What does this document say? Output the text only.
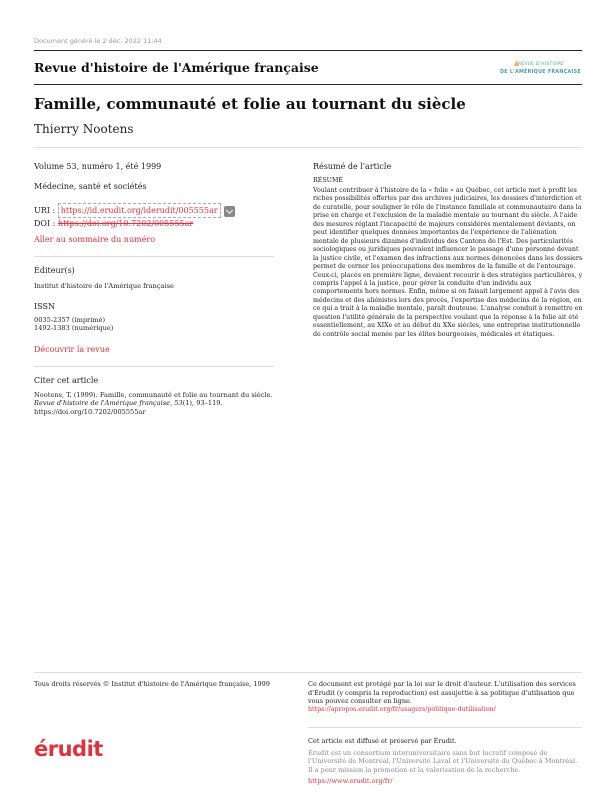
Document généré le 2 déc. 2022 11:44
Revue d'histoire de l'Amérique française	REVUE D'HISTOIRE
DE L'AMÉRIQUE FRANÇAISE
Famille, communauté et folie au tournant du siècle
Thierry Nootens
Volume 53, numéro 1, été 1999
Médecine, santé et sociétés
URI : https://id.erudit.org/iderudit/005555ar
DOI : https://doi.org/10.7202/005555ar
Aller au sommaire du numéro
Éditeur(s)
Institut d'histoire de l'Amérique française
ISSN
0035-2357 (imprimé)
1492-1383 (numérique)
Découvrir la revue
Citer cet article
Nootens, T. (1999). Famille, communauté et folie au tournant du siècle. Revue d'histoire de l'Amérique française, 53(1), 93–119.
https://doi.org/10.7202/005555ar
Résumé de l'article
RÉSUMÉ
Voulant contribuer à l'histoire de la « folie » au Québec, cet article met à profit les riches possibilités offertes par des archives judiciaires, les dossiers d'interdiction et de curatelle, pour souligner le rôle de l'instance familiale et communautaire dans la prise en charge et l'exclusion de la maladie mentale au tournant du siècle. À l'aide des mesures réglant l'incapacité de majeurs considérés mentalement déviants, on peut identifier quelques données importantes de l'expérience de l'aliénation mentale de plusieurs dizaines d'individus des Cantons de l'Est. Des particularités sociologiques ou juridiques pouvaient influencer le passage d'une personne devant la justice civile, et l'examen des infractions aux normes dénoncées dans les dossiers permet de cerner les préoccupations des membres de la famille et de l'entourage. Ceux-ci, placés en première ligne, devaient recourir à des stratégies particulières, y compris l'appel à la justice, pour gérer la conduite d'un individu aux comportements hors normes. Enfin, même si on faisait largement appel à l'avis des médecins et des aliénistes lors des procès, l'expertise des médecins de la région, en ce qui a trait à la maladie mentale, paraît douteuse. L'analyse conduit à remettre en question l'utilité générale de la perspective voulant que la réponse à la folie ait été essentiellement, au XIXe et au début du XXe siècles, une entreprise institutionnelle de contrôle social menée par les élites bourgeoises, médicales et étatiques.
Tous droits réservés © Institut d'histoire de l'Amérique française, 1999	Ce document est protégé par la loi sur le droit d'auteur. L'utilisation des services d'Érudit (y compris la reproduction) est assujettie à sa politique d'utilisation que vous pouvez consulter en ligne.
https://apropos.erudit.org/fr/usagers/politique-dutilisation/
érudit	Cet article est diffusé et préservé par Érudit.
Érudit est un consortium interuniversitaire sans but lucratif composé de l'Université de Montréal, l'Université Laval et l'Université du Québec à Montréal. Il a pour mission la promotion et la valorisation de la recherche.
https://www.erudit.org/fr/
